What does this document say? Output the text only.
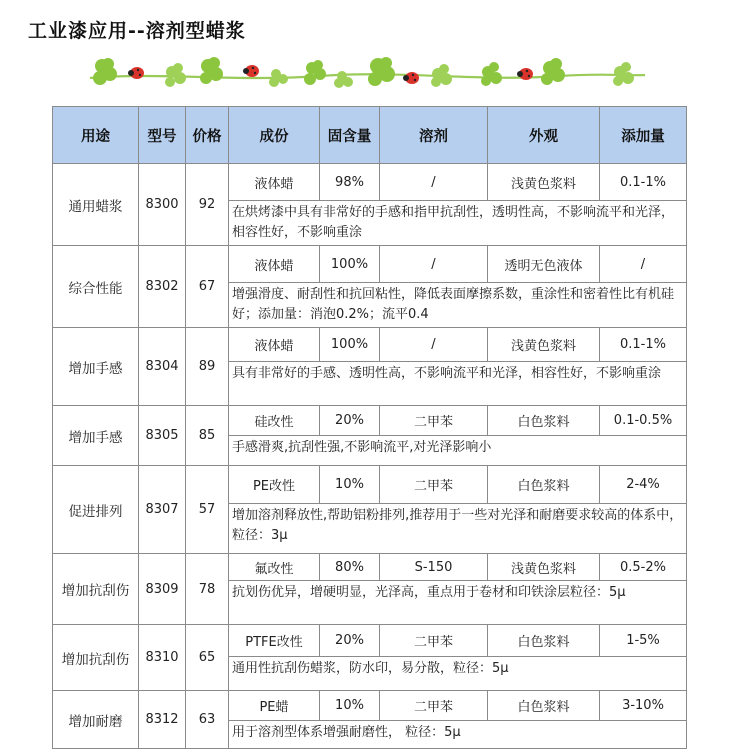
工业漆应用--溶剂型蜡浆
用途	型号	价格	成份	固含量	溶剂	外观	添加量
通用蜡浆	8300	92	液体蜡	98%	/	浅黄色浆料	0.1-1%
			在烘烤漆中具有非常好的手感和指甲抗刮性，透明性高，不影响流平和光泽，相容性好，不影响重涂				
综合性能	8302	67	液体蜡	100%	/	透明无色液体	/
			增强滑度、耐刮性和抗回粘性，降低表面摩擦系数，重涂性和密着性比有机硅好；添加量：消泡0.2%；流平0.4				
增加手感	8304	89	液体蜡	100%	/	浅黄色浆料	0.1-1%
			具有非常好的手感、透明性高，不影响流平和光泽，相容性好，不影响重涂				
增加手感	8305	85	硅改性	20%	二甲苯	白色浆料	0.1-0.5%
			手感滑爽,抗刮性强,不影响流平,对光泽影响小				
促进排列	8307	57	PE改性	10%	二甲苯	白色浆料	2-4%
			增加溶剂释放性,帮助铝粉排列,推荐用于一些对光泽和耐磨要求较高的体系中，粒径：3μ				
增加抗刮伤	8309	78	氟改性	80%	S-150	浅黄色浆料	0.5-2%
			抗划伤优异，增硬明显，光泽高，重点用于卷材和印铁涂层粒径：5μ				
增加抗刮伤	8310	65	PTFE改性	20%	二甲苯	白色浆料	1-5%
			通用性抗刮伤蜡浆，防水印，易分散，粒径：5μ				
增加耐磨	8312	63	PE蜡	10%	二甲苯	白色浆料	3-10%
			用于溶剂型体系增强耐磨性， 粒径：5μ				
